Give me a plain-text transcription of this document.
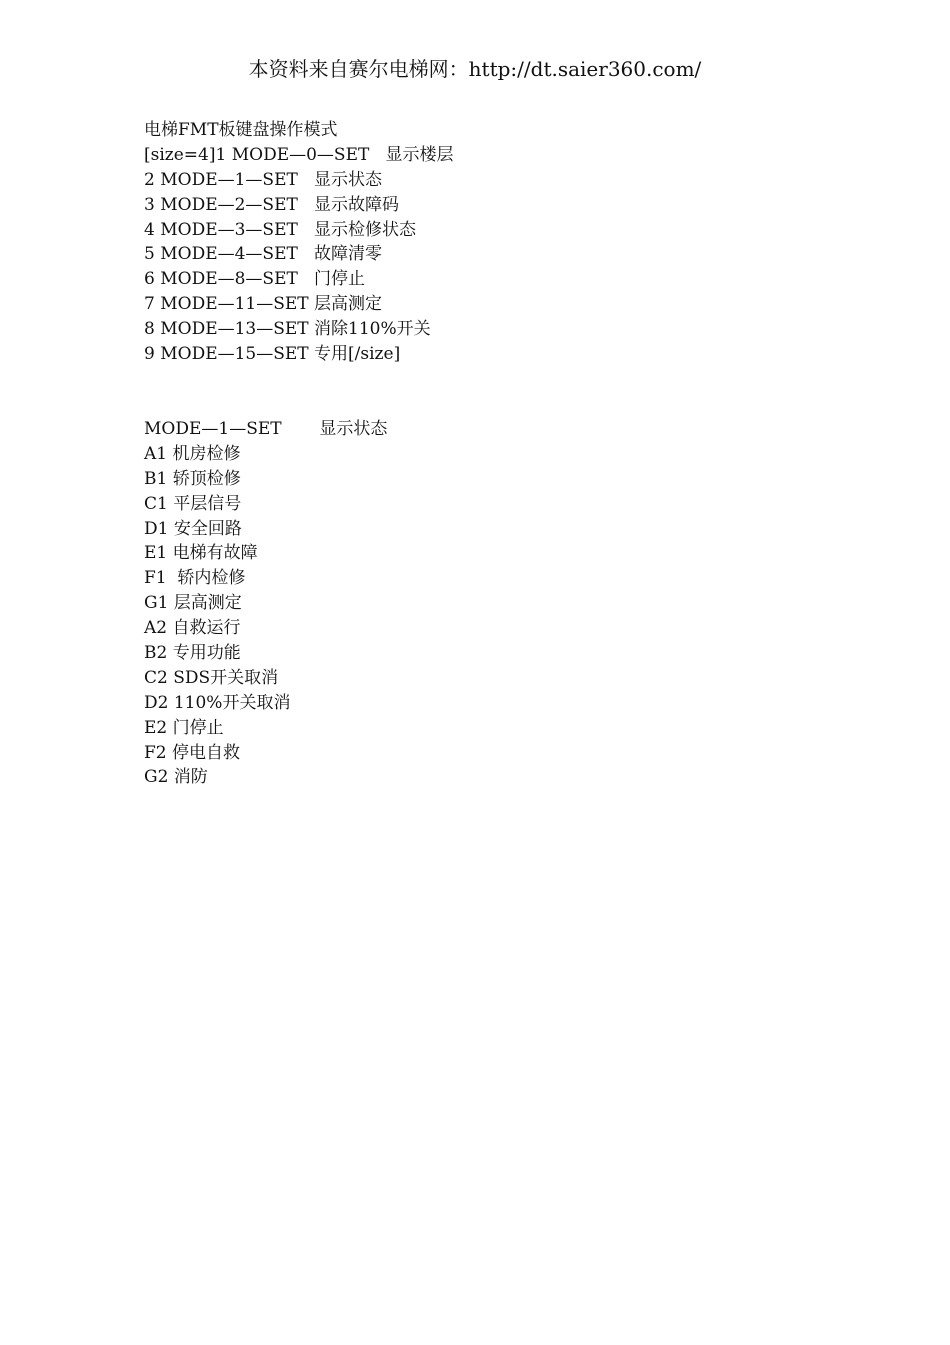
本资料来自赛尔电梯网：http://dt.saier360.com/
电梯FMT板键盘操作模式
[size=4]1 MODE—0—SET   显示楼层
2 MODE—1—SET   显示状态
3 MODE—2—SET   显示故障码
4 MODE—3—SET   显示检修状态
5 MODE—4—SET   故障清零
6 MODE—8—SET   门停止
7 MODE—11—SET 层高测定
8 MODE—13—SET 消除110%开关
9 MODE—15—SET 专用[/size]
MODE—1—SET       显示状态
A1 机房检修
B1 轿顶检修
C1 平层信号
D1 安全回路
E1 电梯有故障
F1  轿内检修
G1 层高测定
A2 自救运行
B2 专用功能
C2 SDS开关取消
D2 110%开关取消
E2 门停止
F2 停电自救
G2 消防
